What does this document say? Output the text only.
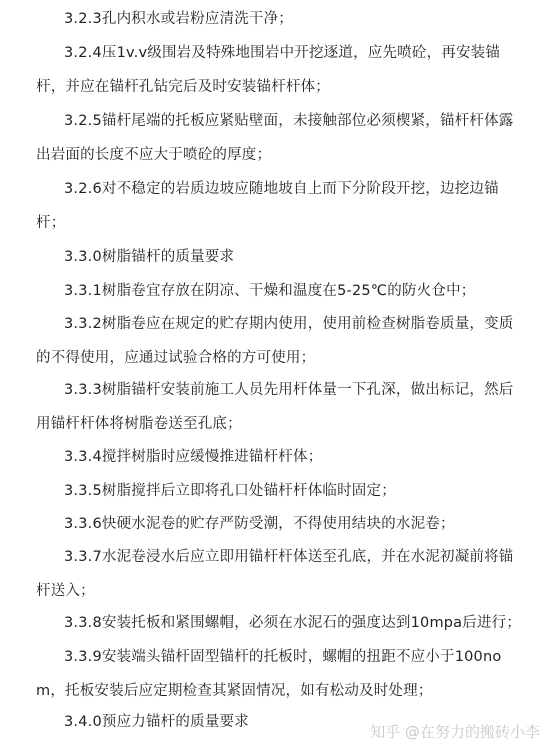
3.2.3孔内积水或岩粉应清洗干净；

3.2.4压1v.v级围岩及特殊地围岩中开挖逐道，应先喷砼，再安装锚杆，并应在锚杆孔钻完后及时安装锚杆杆体；

3.2.5锚杆尾端的托板应紧贴壁面，未接触部位必须楔紧，锚杆杆体露出岩面的长度不应大于喷砼的厚度；

3.2.6对不稳定的岩质边坡应随地坡自上而下分阶段开挖，边挖边锚杆；

3.3.0树脂锚杆的质量要求

3.3.1树脂卷宜存放在阴凉、干燥和温度在5-25℃的防火仓中；

3.3.2树脂卷应在规定的贮存期内使用，使用前检查树脂卷质量，变质的不得使用，应通过试验合格的方可使用；

3.3.3树脂锚杆安装前施工人员先用杆体量一下孔深，做出标记，然后用锚杆杆体将树脂卷送至孔底；

3.3.4搅拌树脂时应缓慢推进锚杆杆体；

3.3.5树脂搅拌后立即将孔口处锚杆杆体临时固定；

3.3.6快硬水泥卷的贮存严防受潮，不得使用结块的水泥卷；

3.3.7水泥卷浸水后应立即用锚杆杆体送至孔底，并在水泥初凝前将锚杆送入；

3.3.8安装托板和紧围螺帽，必须在水泥石的强度达到10mpa后进行；

3.3.9安装端头锚杆固型锚杆的托板时，螺帽的扭距不应小于100nom，托板安装后应定期检查其紧固情况，如有松动及时处理；

3.4.0预应力锚杆的质量要求

知乎 @在努力的搬砖小李
